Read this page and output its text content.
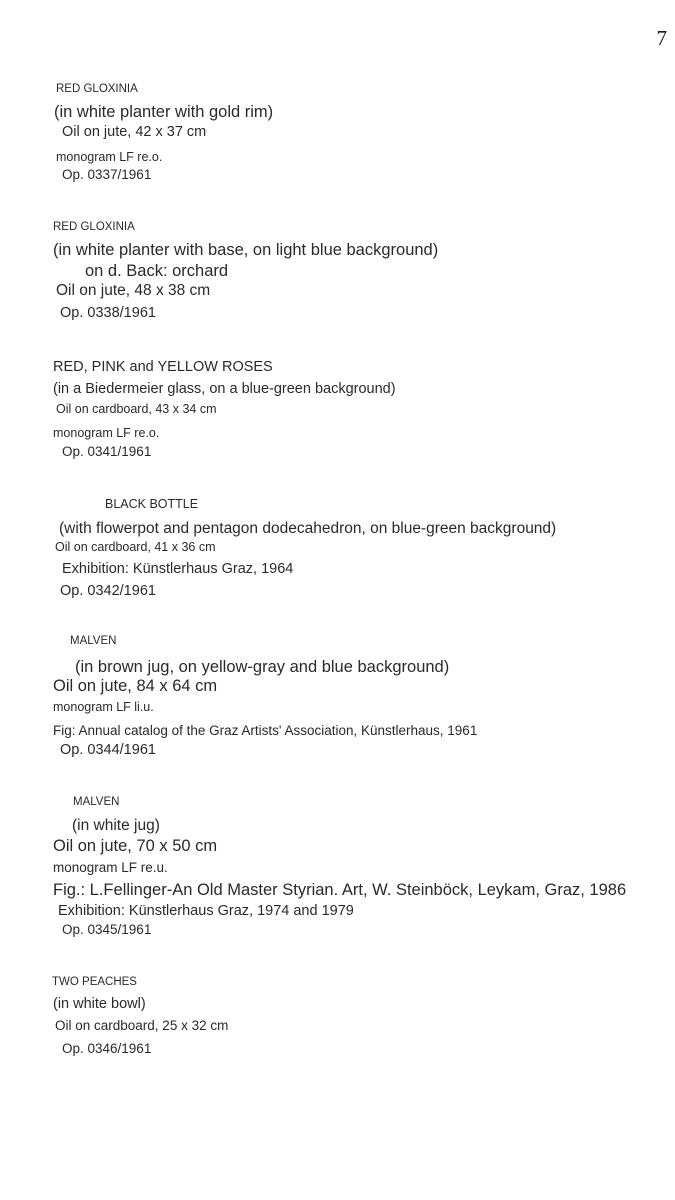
7
RED GLOXINIA
(in white planter with gold rim)
Oil on jute, 42 x 37 cm
monogram LF re.o.
Op. 0337/1961
RED GLOXINIA
(in white planter with base, on light blue background)
on d. Back: orchard
Oil on jute, 48 x 38 cm
Op. 0338/1961
RED, PINK and YELLOW ROSES
(in a Biedermeier glass, on a blue-green background)
Oil on cardboard, 43 x 34 cm
monogram LF re.o.
Op. 0341/1961
BLACK BOTTLE
(with flowerpot and pentagon dodecahedron, on blue-green background)
Oil on cardboard, 41 x 36 cm
Exhibition: Künstlerhaus Graz, 1964
Op. 0342/1961
MALVEN
(in brown jug, on yellow-gray and blue background)
Oil on jute, 84 x 64 cm
monogram LF li.u.
Fig: Annual catalog of the Graz Artists' Association, Künstlerhaus, 1961
Op. 0344/1961
MALVEN
(in white jug)
Oil on jute, 70 x 50 cm
monogram LF re.u.
Fig.: L.Fellinger-An Old Master Styrian. Art, W. Steinböck, Leykam, Graz, 1986
Exhibition: Künstlerhaus Graz, 1974 and 1979
Op. 0345/1961
TWO PEACHES
(in white bowl)
Oil on cardboard, 25 x 32 cm
Op. 0346/1961
